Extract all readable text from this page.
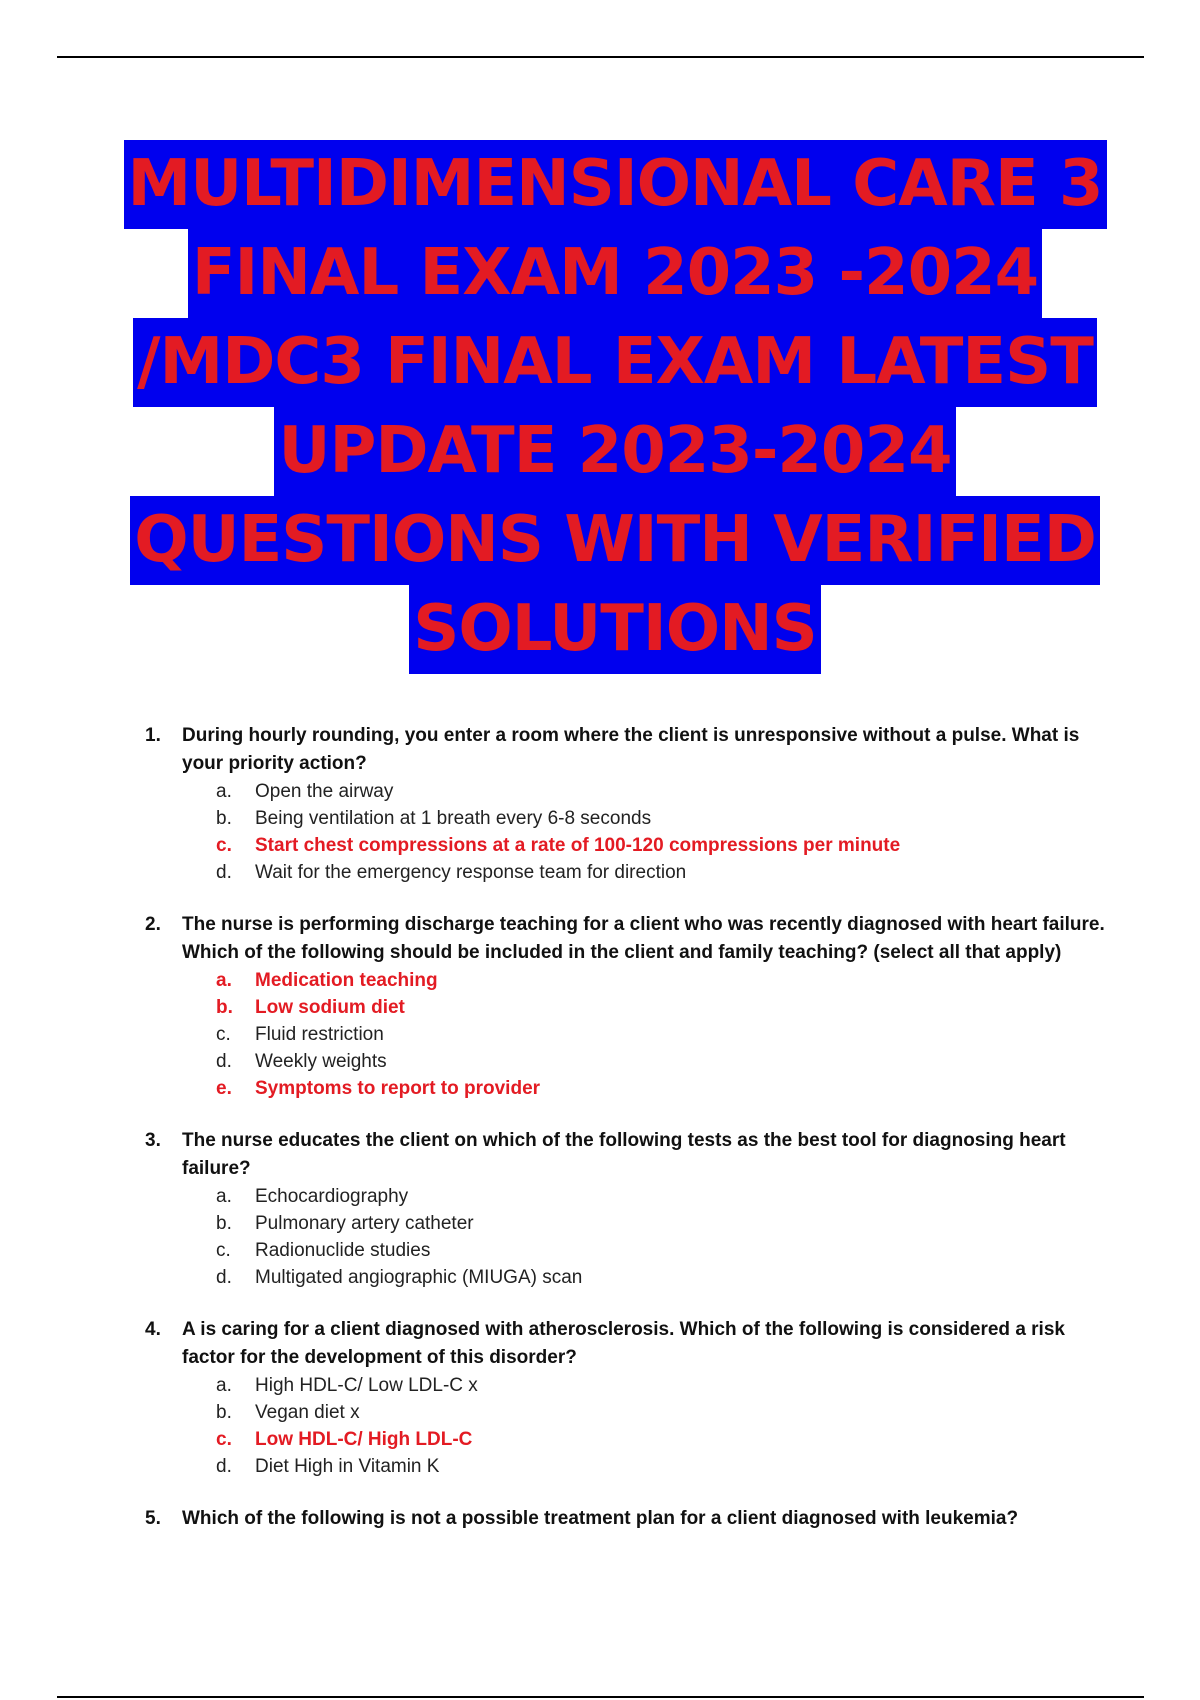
MULTIDIMENSIONAL CARE 3
FINAL EXAM 2023 -2024
/MDC3 FINAL EXAM LATEST
UPDATE 2023-2024
QUESTIONS WITH VERIFIED
SOLUTIONS
1.	During hourly rounding, you enter a room where the client is unresponsive without a pulse. What is your priority action?

a.	Open the airway
b.	Being ventilation at 1 breath every 6-8 seconds
c.	Start chest compressions at a rate of 100-120 compressions per minute
d.	Wait for the emergency response team for direction
2.	The nurse is performing discharge teaching for a client who was recently diagnosed with heart failure. Which of the following should be included in the client and family teaching? (select all that apply)

a.	Medication teaching
b.	Low sodium diet
c.	Fluid restriction
d.	Weekly weights
e.	Symptoms to report to provider
3.	The nurse educates the client on which of the following tests as the best tool for diagnosing heart failure?

a.	Echocardiography
b.	Pulmonary artery catheter
c.	Radionuclide studies
d.	Multigated angiographic (MIUGA) scan
4.	A is caring for a client diagnosed with atherosclerosis. Which of the following is considered a risk factor for the development of this disorder?

a.	High HDL-C/ Low LDL-C x
b.	Vegan diet x
c.	Low HDL-C/ High LDL-C
d.	Diet High in Vitamin K
5.	Which of the following is not a possible treatment plan for a client diagnosed with leukemia?
